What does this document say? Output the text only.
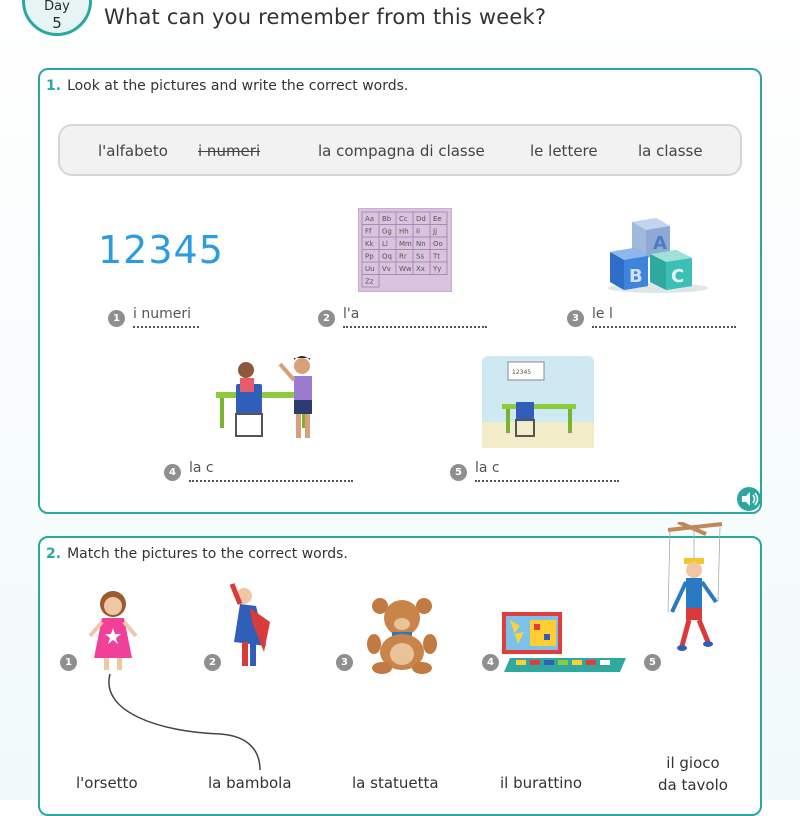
Day
5	What can you remember from this week?
1. Look at the pictures and write the correct words.
l'alfabeto i numeri	la compagna di classe	le lettere	la classe
12345
Aa Bb Cc Dd Ee
Ff Gg Hh Ii Jj
Kk Ll Mm Nn Oo
Pp Qq Rr Ss Tt
Uu Vv Ww Xx Yy
Zz
A
B C
12345
1 i numeri	2 l'a	3 le l
4 la c	5 la c
2. Match the pictures to the correct words.
1	2	3	4	5
l'orsetto	la bambola	la statuetta	il burattino
il gioco
da tavolo
